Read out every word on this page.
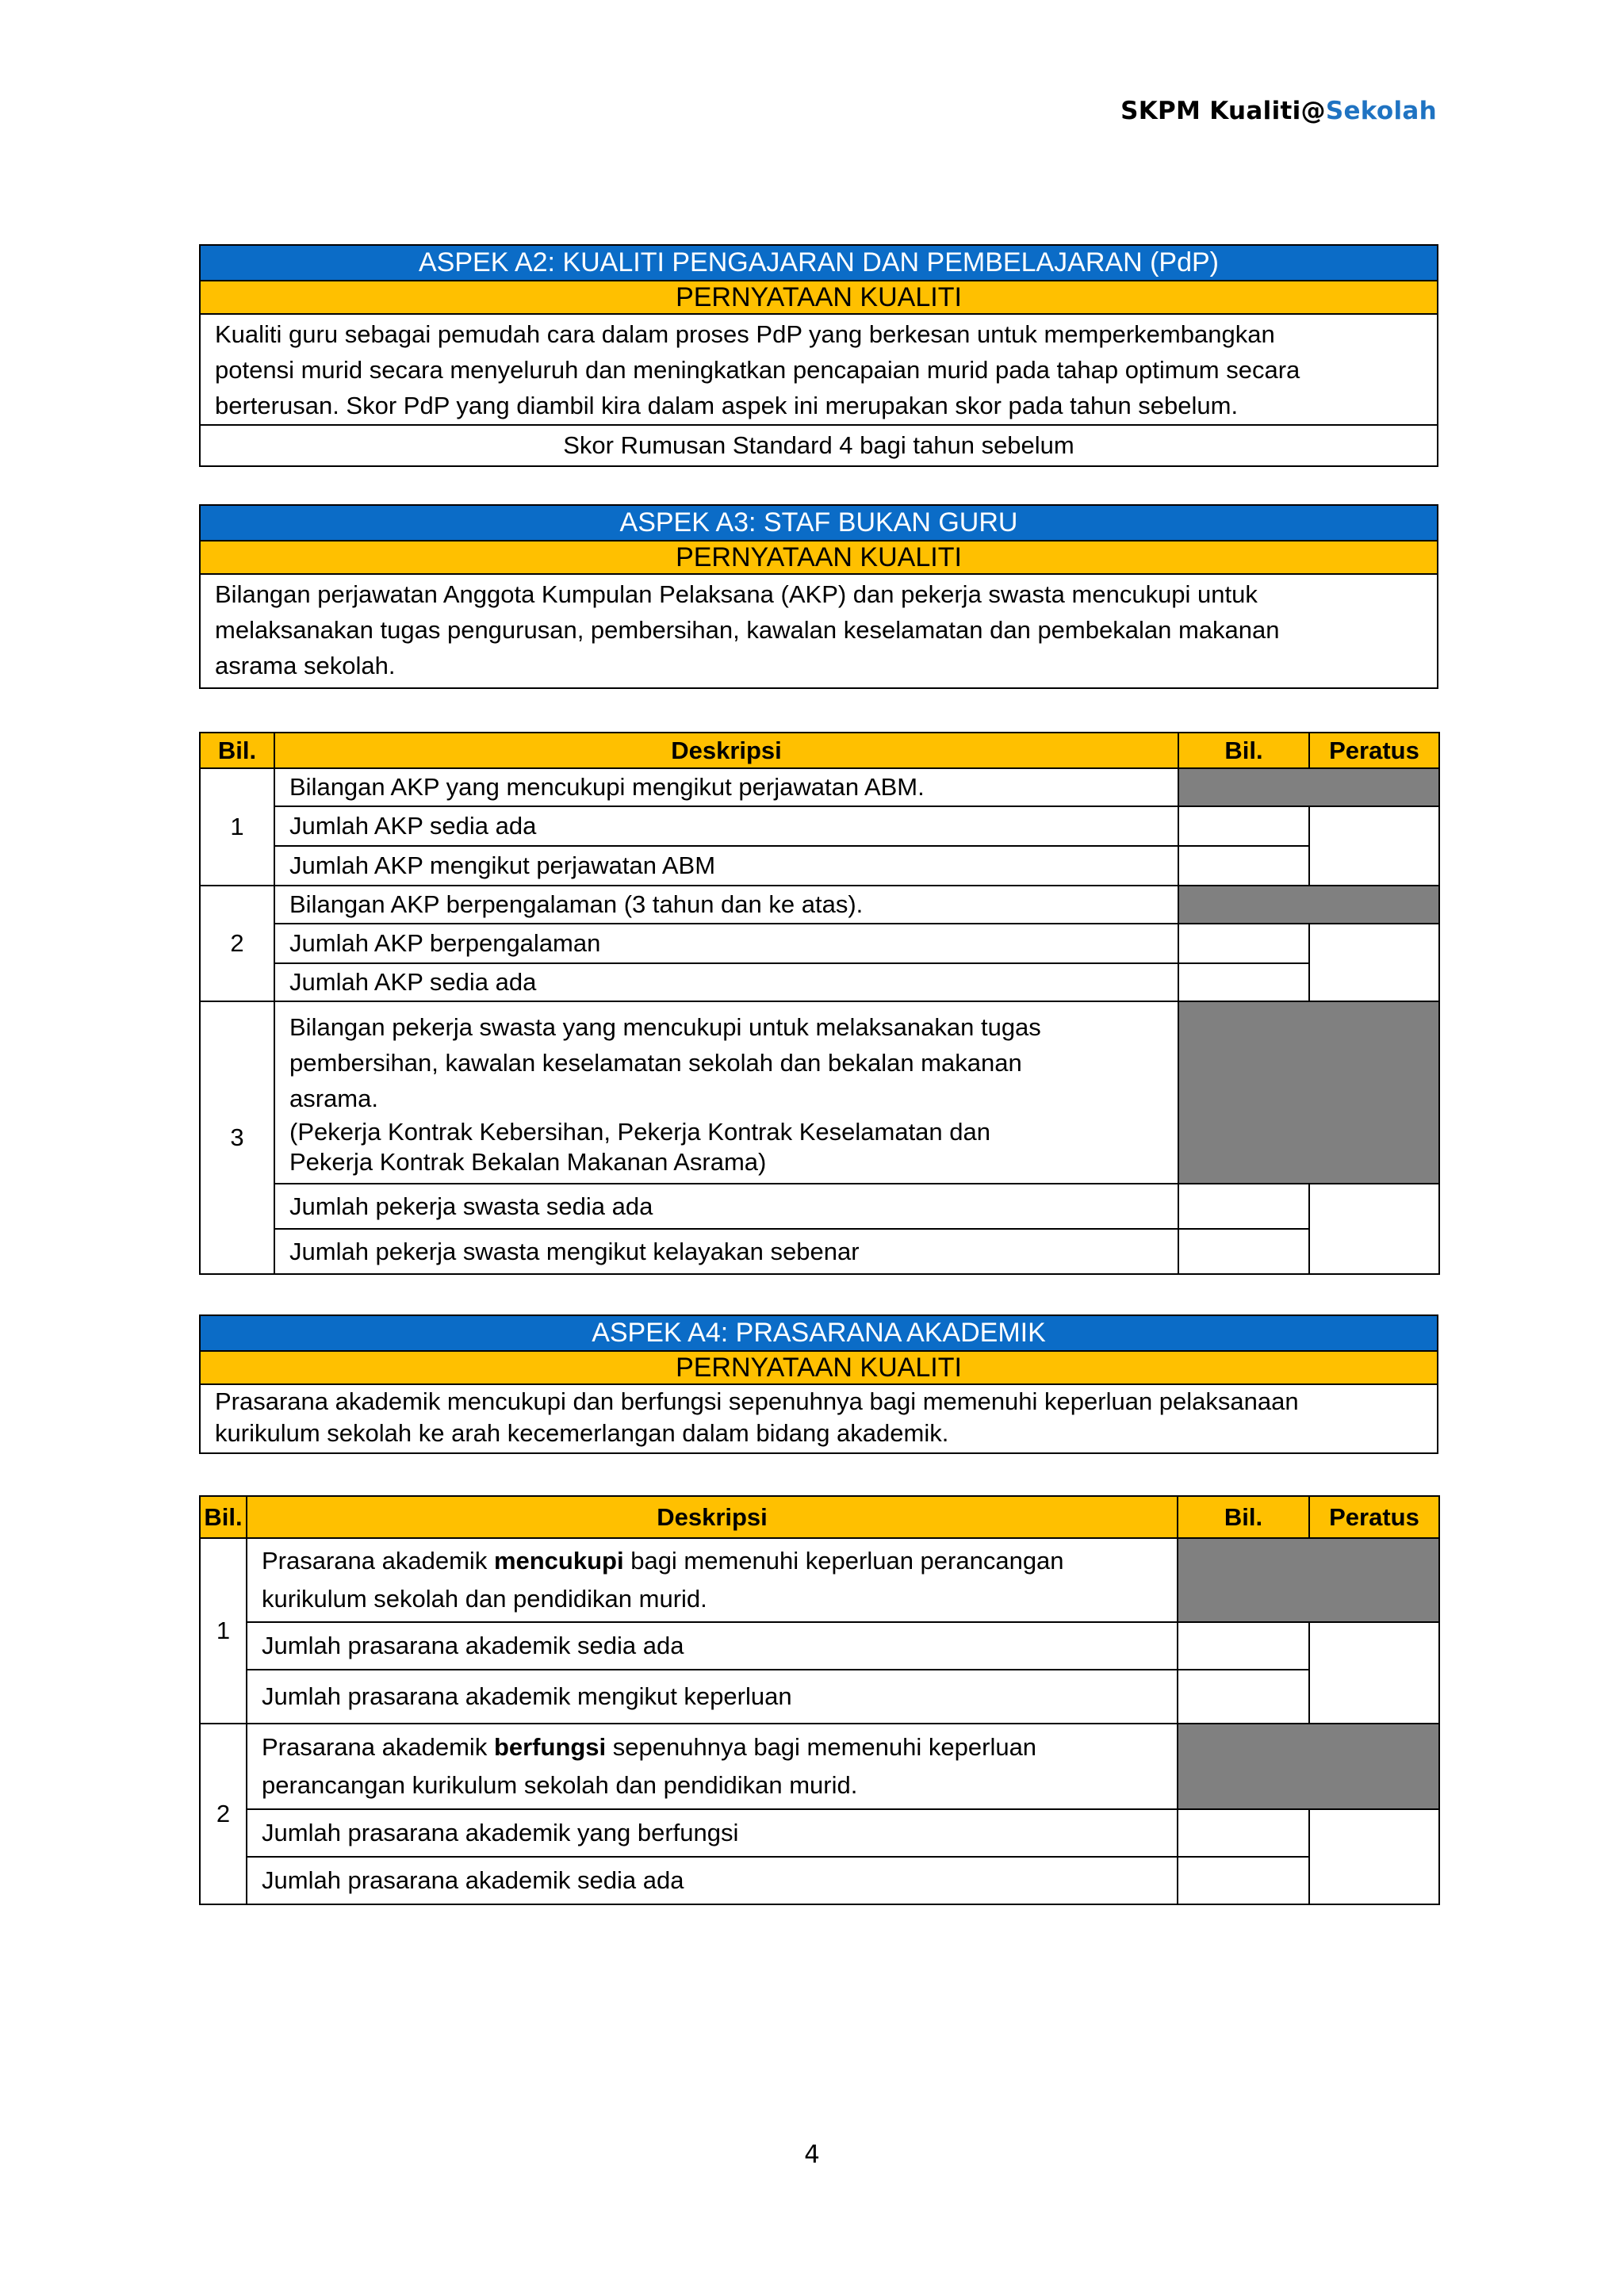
SKPM Kualiti@Sekolah
ASPEK A2: KUALITI PENGAJARAN DAN PEMBELAJARAN (PdP)
PERNYATAAN KUALITI
Kualiti guru sebagai pemudah cara dalam proses PdP yang berkesan untuk memperkembangkan
potensi murid secara menyeluruh dan meningkatkan pencapaian murid pada tahap optimum secara
berterusan. Skor PdP yang diambil kira dalam aspek ini merupakan skor pada tahun sebelum.
Skor Rumusan Standard 4 bagi tahun sebelum
ASPEK A3: STAF BUKAN GURU
PERNYATAAN KUALITI
Bilangan perjawatan Anggota Kumpulan Pelaksana (AKP) dan pekerja swasta mencukupi untuk
melaksanakan tugas pengurusan, pembersihan, kawalan keselamatan dan pembekalan makanan
asrama sekolah.
Bil.	Deskripsi	Bil.	Peratus
1	Bilangan AKP yang mencukupi mengikut perjawatan ABM.		
	Jumlah AKP sedia ada		
	Jumlah AKP mengikut perjawatan ABM		
2	Bilangan AKP berpengalaman (3 tahun dan ke atas).		
	Jumlah AKP berpengalaman		
	Jumlah AKP sedia ada		
3	Bilangan pekerja swasta yang mencukupi untuk melaksanakan tugas
pembersihan, kawalan keselamatan sekolah dan bekalan makanan
asrama.
(Pekerja Kontrak Kebersihan, Pekerja Kontrak Keselamatan dan
Pekerja Kontrak Bekalan Makanan Asrama)		

	Jumlah pekerja swasta sedia ada		
	Jumlah pekerja swasta mengikut kelayakan sebenar		
ASPEK A4: PRASARANA AKADEMIK
PERNYATAAN KUALITI
Prasarana akademik mencukupi dan berfungsi sepenuhnya bagi memenuhi keperluan pelaksanaan
kurikulum sekolah ke arah kecemerlangan dalam bidang akademik.
Bil.	Deskripsi	Bil.	Peratus
1	Prasarana akademik mencukupi bagi memenuhi keperluan perancangan
kurikulum sekolah dan pendidikan murid.		

	Jumlah prasarana akademik sedia ada		
	Jumlah prasarana akademik mengikut keperluan		
2	Prasarana akademik berfungsi sepenuhnya bagi memenuhi keperluan
perancangan kurikulum sekolah dan pendidikan murid.		

	Jumlah prasarana akademik yang berfungsi		
	Jumlah prasarana akademik sedia ada		
4
